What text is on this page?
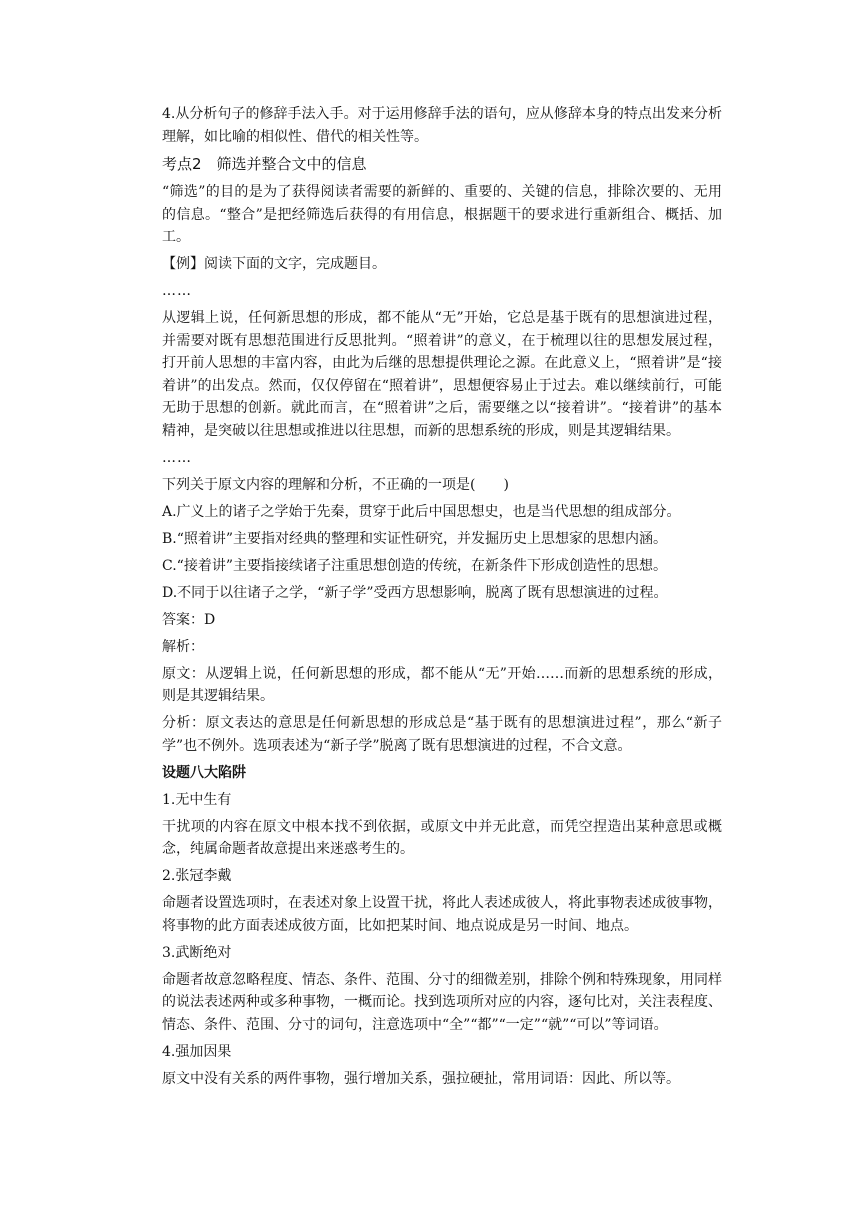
4.从分析句子的修辞手法入手。对于运用修辞手法的语句，应从修辞本身的特点出发来分析理解，如比喻的相似性、借代的相关性等。

考点2　筛选并整合文中的信息

“筛选”的目的是为了获得阅读者需要的新鲜的、重要的、关键的信息，排除次要的、无用的信息。“整合”是把经筛选后获得的有用信息，根据题干的要求进行重新组合、概括、加工。

【例】阅读下面的文字，完成题目。

……

从逻辑上说，任何新思想的形成，都不能从“无”开始，它总是基于既有的思想演进过程，并需要对既有思想范围进行反思批判。“照着讲”的意义，在于梳理以往的思想发展过程，打开前人思想的丰富内容，由此为后继的思想提供理论之源。在此意义上，“照着讲”是“接着讲”的出发点。然而，仅仅停留在“照着讲”，思想便容易止于过去。难以继续前行，可能无助于思想的创新。就此而言，在“照着讲”之后，需要继之以“接着讲”。“接着讲”的基本精神，是突破以往思想或推进以往思想，而新的思想系统的形成，则是其逻辑结果。

……

下列关于原文内容的理解和分析，不正确的一项是(　　)

A.广义上的诸子之学始于先秦，贯穿于此后中国思想史，也是当代思想的组成部分。

B.“照着讲”主要指对经典的整理和实证性研究，并发掘历史上思想家的思想内涵。

C.“接着讲”主要指接续诸子注重思想创造的传统，在新条件下形成创造性的思想。

D.不同于以往诸子之学，“新子学”受西方思想影响，脱离了既有思想演进的过程。

答案：D

解析：

原文：从逻辑上说，任何新思想的形成，都不能从“无”开始……而新的思想系统的形成，则是其逻辑结果。

分析：原文表达的意思是任何新思想的形成总是“基于既有的思想演进过程”，那么“新子学”也不例外。选项表述为“新子学”脱离了既有思想演进的过程，不合文意。

设题八大陷阱

1.无中生有

干扰项的内容在原文中根本找不到依据，或原文中并无此意，而凭空捏造出某种意思或概念，纯属命题者故意提出来迷惑考生的。

2.张冠李戴

命题者设置选项时，在表述对象上设置干扰，将此人表述成彼人，将此事物表述成彼事物，将事物的此方面表述成彼方面，比如把某时间、地点说成是另一时间、地点。

3.武断绝对

命题者故意忽略程度、情态、条件、范围、分寸的细微差别，排除个例和特殊现象，用同样的说法表述两种或多种事物，一概而论。找到选项所对应的内容，逐句比对，关注表程度、情态、条件、范围、分寸的词句，注意选项中“全”“都”“一定”“就”“可以”等词语。

4.强加因果

原文中没有关系的两件事物，强行增加关系，强拉硬扯，常用词语：因此、所以等。
